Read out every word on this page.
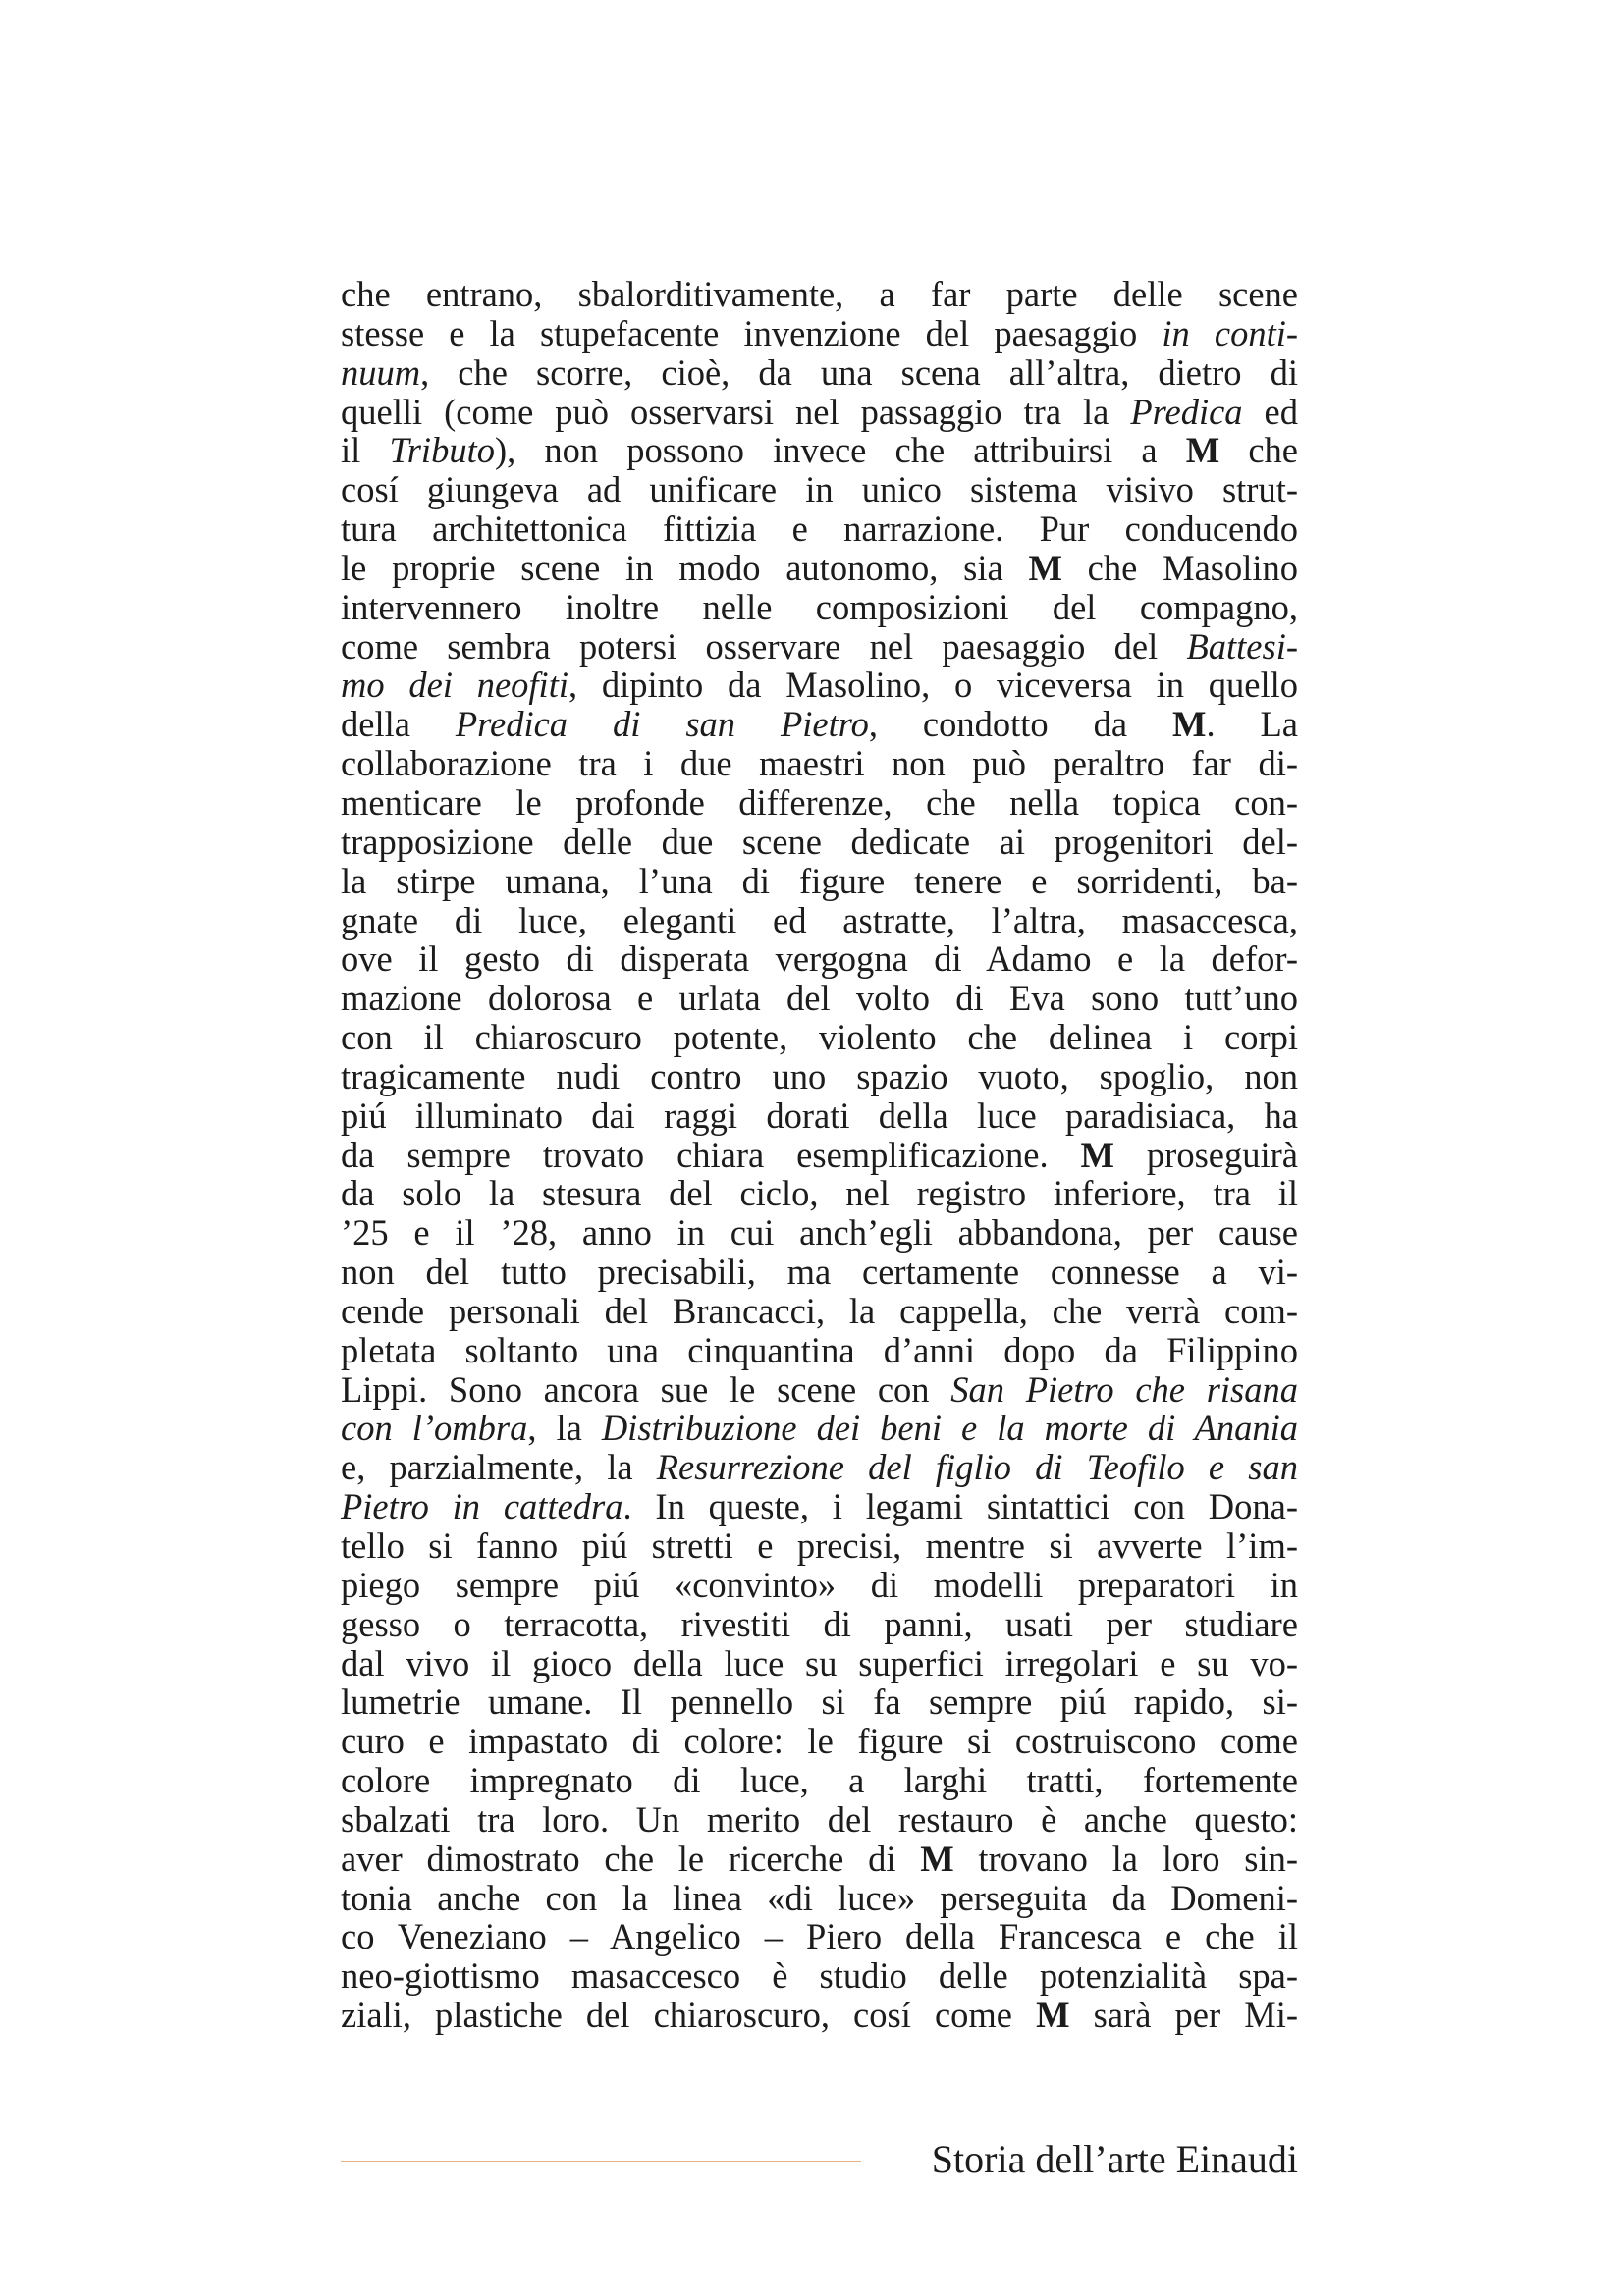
che entrano, sbalorditivamente, a far parte delle scene
stesse e la stupefacente invenzione del paesaggio in conti-
nuum, che scorre, cioè, da una scena all’altra, dietro di
quelli (come può osservarsi nel passaggio tra la Predica ed
il Tributo), non possono invece che attribuirsi a M che
cosí giungeva ad unificare in unico sistema visivo strut-
tura architettonica fittizia e narrazione. Pur conducendo
le proprie scene in modo autonomo, sia M che Masolino
intervennero inoltre nelle composizioni del compagno,
come sembra potersi osservare nel paesaggio del Battesi-
mo dei neofiti, dipinto da Masolino, o viceversa in quello
della Predica di san Pietro, condotto da M. La
collaborazione tra i due maestri non può peraltro far di-
menticare le profonde differenze, che nella topica con-
trapposizione delle due scene dedicate ai progenitori del-
la stirpe umana, l’una di figure tenere e sorridenti, ba-
gnate di luce, eleganti ed astratte, l’altra, masaccesca,
ove il gesto di disperata vergogna di Adamo e la defor-
mazione dolorosa e urlata del volto di Eva sono tutt’uno
con il chiaroscuro potente, violento che delinea i corpi
tragicamente nudi contro uno spazio vuoto, spoglio, non
piú illuminato dai raggi dorati della luce paradisiaca, ha
da sempre trovato chiara esemplificazione. M proseguirà
da solo la stesura del ciclo, nel registro inferiore, tra il
’25 e il ’28, anno in cui anch’egli abbandona, per cause
non del tutto precisabili, ma certamente connesse a vi-
cende personali del Brancacci, la cappella, che verrà com-
pletata soltanto una cinquantina d’anni dopo da Filippino
Lippi. Sono ancora sue le scene con San Pietro che risana
con l’ombra, la Distribuzione dei beni e la morte di Anania
e, parzialmente, la Resurrezione del figlio di Teofilo e san
Pietro in cattedra. In queste, i legami sintattici con Dona-
tello si fanno piú stretti e precisi, mentre si avverte l’im-
piego sempre piú «convinto» di modelli preparatori in
gesso o terracotta, rivestiti di panni, usati per studiare
dal vivo il gioco della luce su superfici irregolari e su vo-
lumetrie umane. Il pennello si fa sempre piú rapido, si-
curo e impastato di colore: le figure si costruiscono come
colore impregnato di luce, a larghi tratti, fortemente
sbalzati tra loro. Un merito del restauro è anche questo:
aver dimostrato che le ricerche di M trovano la loro sin-
tonia anche con la linea «di luce» perseguita da Domeni-
co Veneziano – Angelico – Piero della Francesca e che il
neo-giottismo masaccesco è studio delle potenzialità spa-
ziali, plastiche del chiaroscuro, cosí come M sarà per Mi-
Storia dell’arte Einaudi
